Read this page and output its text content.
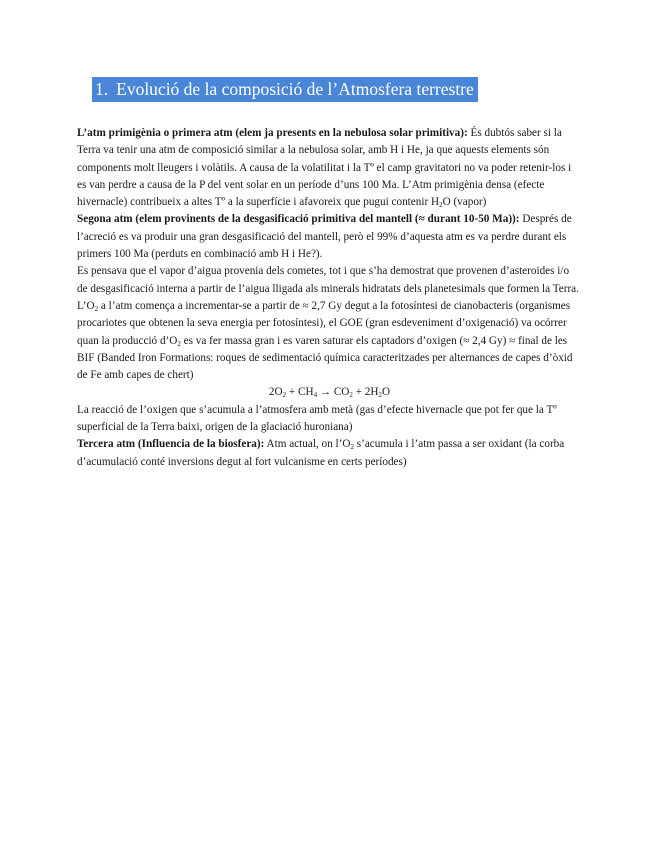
1. Evolució de la composició de l’Atmosfera terrestre

L’atm primigènia o primera atm (elem ja presents en la nebulosa solar primitiva): És dubtós saber si la Terra va tenir una atm de composició similar a la nebulosa solar, amb H i He, ja que aquests elements són components molt lleugers i volàtils. A causa de la volatilitat i la Tº el camp gravitatori no va poder retenir-los i es van perdre a causa de la P del vent solar en un període d’uns 100 Ma. L’Atm primigènia densa (efecte hivernacle) contribueix a altes Tº a la superfície i afavoreix que pugui contenir $H_2O$ (vapor)

Segona atm (elem provinents de la desgasificació primitiva del mantell (≈ durant 10-50 Ma)): Després de l’acreció es va produir una gran desgasificació del mantell, però el 99% d’aquesta atm es va perdre durant els primers 100 Ma (perduts en combinació amb H i He?).

Es pensava que el vapor d’aigua provenia dels cometes, tot i que s’ha demostrat que provenen d’asteroides i/o de desgasificació interna a partir de l’aigua lligada als minerals hidratats dels planetesimals que formen la Terra. $L’O_2$ a l’atm comença a incrementar-se a partir de ≈ 2,7 Gy degut a la fotosíntesi de cianobacteris (organismes procariotes que obtenen la seva energia per fotosíntesi), el GOE (gran esdeveniment d’oxigenació) va ocórrer quan la producció $d’O_2$ es va fer massa gran i es varen saturar els captadors d’oxigen (≈ 2,4 Gy) ≈ final de les BIF (Banded Iron Formations: roques de sedimentació química caracteritzades per alternances de capes d’òxid de Fe amb capes de chert)

$2O_2 + CH_4 \to CO_2 + 2H_2O$

La reacció de l’oxigen que s’acumula a l’atmosfera amb metà (gas d’efecte hivernacle que pot fer que la Tº superficial de la Terra baixi, origen de la glaciació huroniana)

Tercera atm (Influencia de la biosfera): Atm actual, on $l’O_2$ s’acumula i l’atm passa a ser oxidant (la corba d’acumulació conté inversions degut al fort vulcanisme en certs períodes)
